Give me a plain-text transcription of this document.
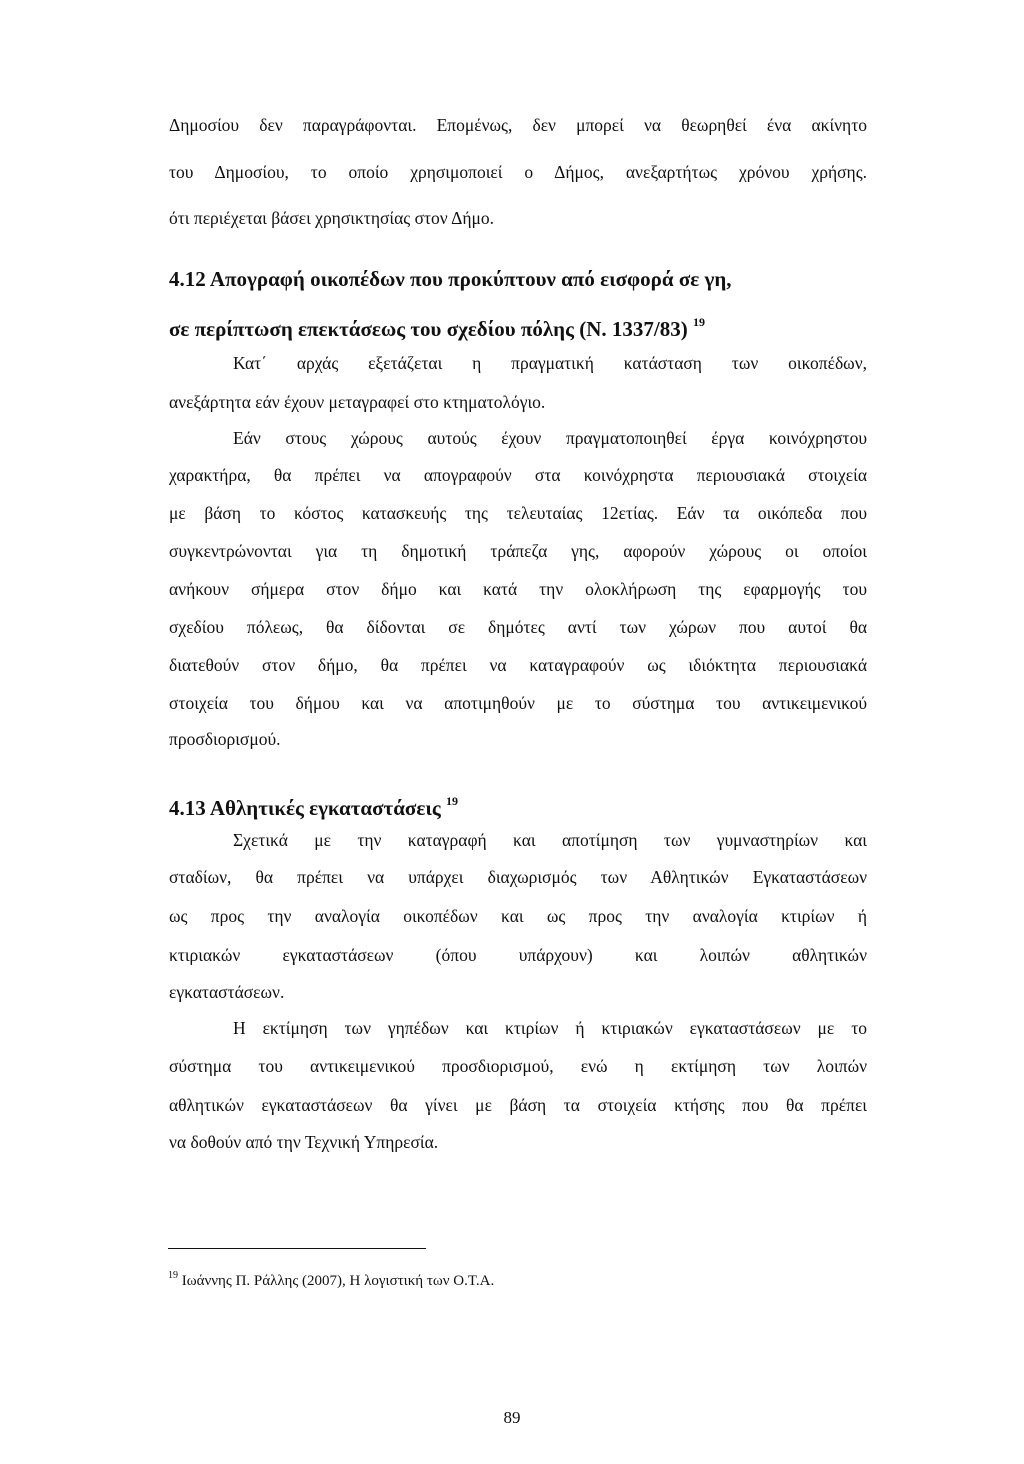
Δημοσίου δεν παραγράφονται. Επομένως, δεν μπορεί να θεωρηθεί ένα ακίνητο
του Δημοσίου, το οποίο χρησιμοποιεί ο Δήμος, ανεξαρτήτως χρόνου χρήσης.
ότι περιέχεται βάσει χρησικτησίας στον Δήμο.
4.12 Απογραφή οικοπέδων που προκύπτουν από εισφορά σε γη,
σε περίπτωση επεκτάσεως του σχεδίου πόλης (Ν. 1337/83) $^{19}$
Κατ΄ αρχάς εξετάζεται η πραγματική κατάσταση των οικοπέδων,
ανεξάρτητα εάν έχουν μεταγραφεί στο κτηματολόγιο.
Εάν στους χώρους αυτούς έχουν πραγματοποιηθεί έργα κοινόχρηστου
χαρακτήρα, θα πρέπει να απογραφούν στα κοινόχρηστα περιουσιακά στοιχεία
με βάση το κόστος κατασκευής της τελευταίας 12ετίας. Εάν τα οικόπεδα που
συγκεντρώνονται για τη δημοτική τράπεζα γης, αφορούν χώρους οι οποίοι
ανήκουν σήμερα στον δήμο και κατά την ολοκλήρωση της εφαρμογής του
σχεδίου πόλεως, θα δίδονται σε δημότες αντί των χώρων που αυτοί θα
διατεθούν στον δήμο, θα πρέπει να καταγραφούν ως ιδιόκτητα περιουσιακά
στοιχεία του δήμου και να αποτιμηθούν με το σύστημα του αντικειμενικού
προσδιορισμού.
4.13 Αθλητικές εγκαταστάσεις $^{19}$
Σχετικά με την καταγραφή και αποτίμηση των γυμναστηρίων και
σταδίων, θα πρέπει να υπάρχει διαχωρισμός των Αθλητικών Εγκαταστάσεων
ως προς την αναλογία οικοπέδων και ως προς την αναλογία κτιρίων ή
κτιριακών εγκαταστάσεων (όπου υπάρχουν) και λοιπών αθλητικών
εγκαταστάσεων.
Η εκτίμηση των γηπέδων και κτιρίων ή κτιριακών εγκαταστάσεων με το
σύστημα του αντικειμενικού προσδιορισμού, ενώ η εκτίμηση των λοιπών
αθλητικών εγκαταστάσεων θα γίνει με βάση τα στοιχεία κτήσης που θα πρέπει
να δοθούν από την Τεχνική Υπηρεσία.
$^{19}$ Ιωάννης Π. Ράλλης (2007), Η λογιστική των Ο.Τ.Α.
89
